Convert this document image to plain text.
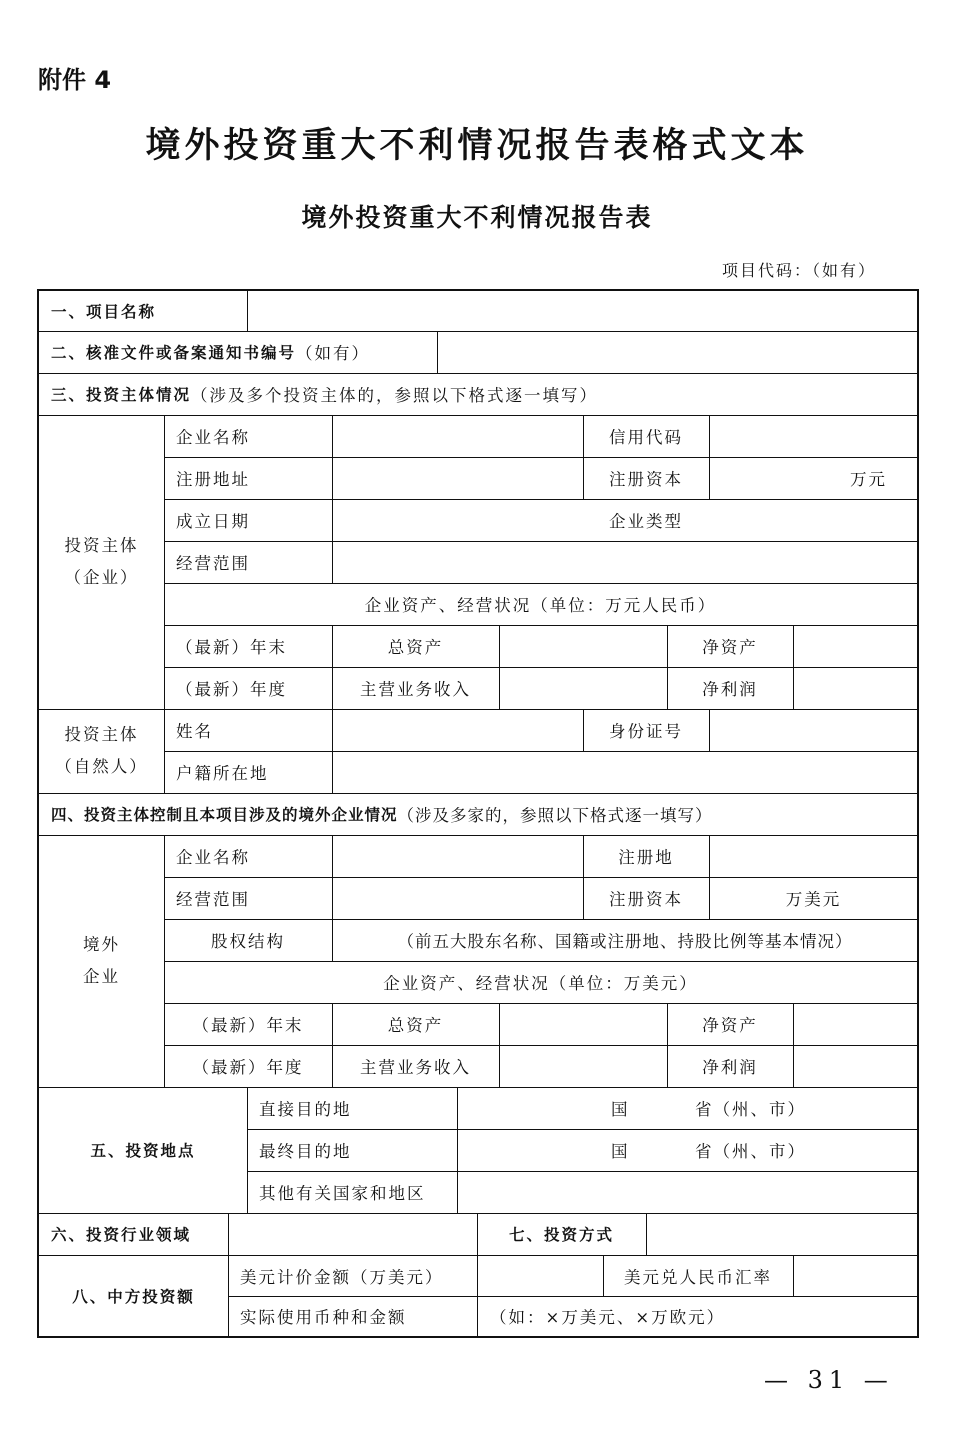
附件 4
境外投资重大不利情况报告表格式文本
境外投资重大不利情况报告表
项目代码：（如有）
一、项目名称
二、核准文件或备案通知书编号 （如有）
三、投资主体情况 （涉及多个投资主体的，参照以下格式逐一填写）
投资主体
（企业）
企业名称	信用代码
注册地址	注册资本	万元
成立日期	企业类型
经营范围
企业资产、经营状况（单位：万元人民币）
（最新）年末	总资产	净资产
（最新）年度	主营业务收入	净利润
投资主体
（自然人）
姓名	身份证号
户籍所在地
四、投资主体控制且本项目涉及的境外企业情况 （涉及多家的，参照以下格式逐一填写）
境外
企业
企业名称	注册地
经营范围	注册资本	万美元
股权结构	（前五大股东名称、国籍或注册地、持股比例等基本情况）
企业资产、经营状况（单位：万美元）
（最新）年末	总资产	净资产
（最新）年度	主营业务收入	净利润
五、投资地点
直接目的地	国	省（州、市）
最终目的地	国	省（州、市）
其他有关国家和地区
六、投资行业领域	七、投资方式
八、中方投资额
美元计价金额（万美元）	美元兑人民币汇率
实际使用币种和金额	（如：×万美元、×万欧元）
— 31 —
